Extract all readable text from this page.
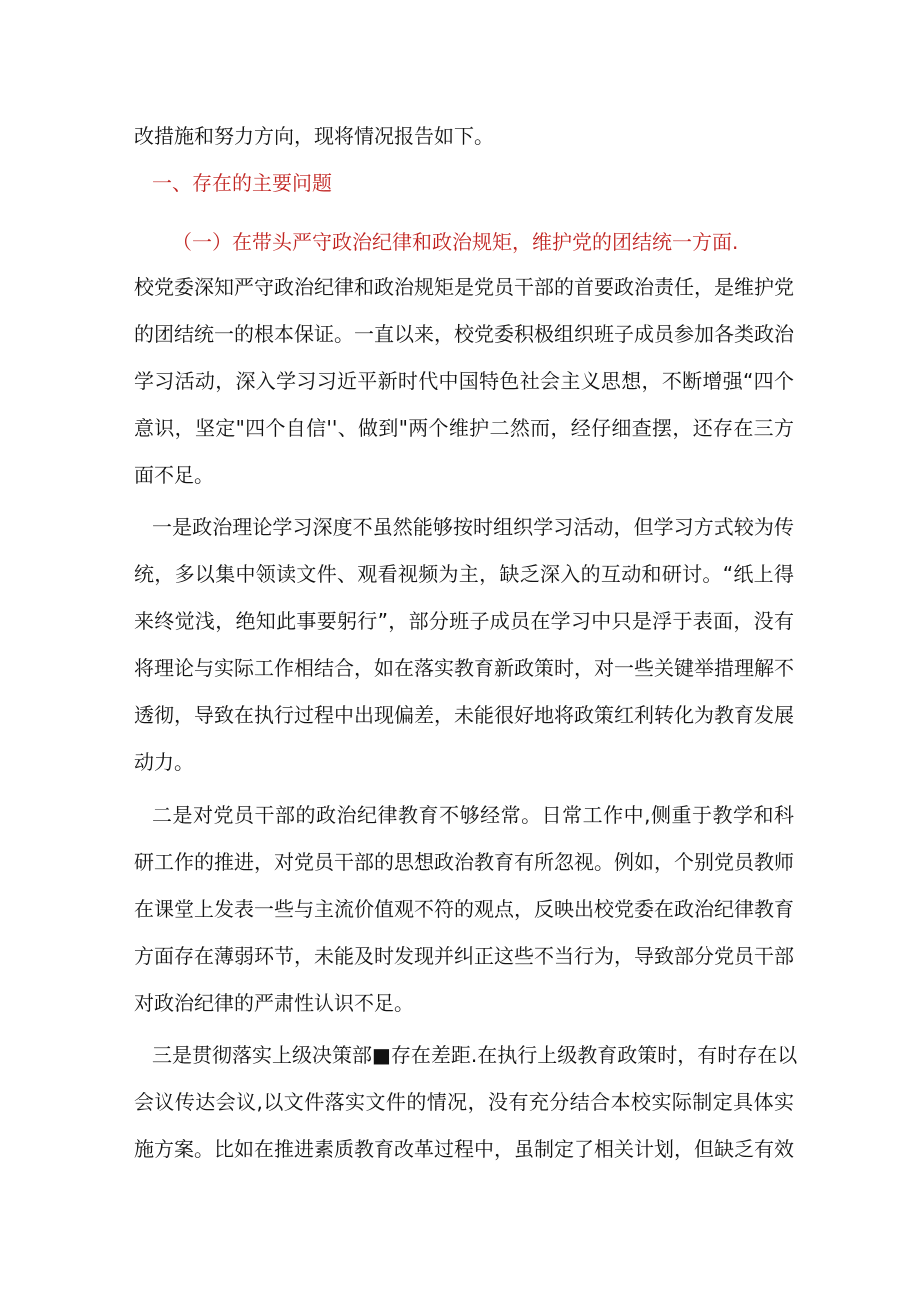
改措施和努力方向，现将情况报告如下。
一、存在的主要问题
（一）在带头严守政治纪律和政治规矩，维护党的团结统一方面.
校党委深知严守政治纪律和政治规矩是党员干部的首要政治责任，是维护党
的团结统一的根本保证。一直以来，校党委积极组织班子成员参加各类政治
学习活动，深入学习习近平新时代中国特色社会主义思想，不断增强“四个
意识，坚定"四个自信''、做到"两个维护二然而，经仔细查摆，还存在三方
面不足。
一是政治理论学习深度不虽然能够按时组织学习活动，但学习方式较为传
统，多以集中领读文件、观看视频为主，缺乏深入的互动和研讨。“纸上得
来终觉浅，绝知此事要躬行”，部分班子成员在学习中只是浮于表面，没有
将理论与实际工作相结合，如在落实教育新政策时，对一些关键举措理解不
透彻，导致在执行过程中出现偏差，未能很好地将政策红利转化为教育发展
动力。
二是对党员干部的政治纪律教育不够经常。日常工作中,侧重于教学和科
研工作的推进，对党员干部的思想政治教育有所忽视。例如，个别党员教师
在课堂上发表一些与主流价值观不符的观点，反映出校党委在政治纪律教育
方面存在薄弱环节，未能及时发现并纠正这些不当行为，导致部分党员干部
对政治纪律的严肃性认识不足。
三是贯彻落实上级决策部■存在差距.在执行上级教育政策时，有时存在以
会议传达会议,以文件落实文件的情况，没有充分结合本校实际制定具体实
施方案。比如在推进素质教育改革过程中，虽制定了相关计划，但缺乏有效
